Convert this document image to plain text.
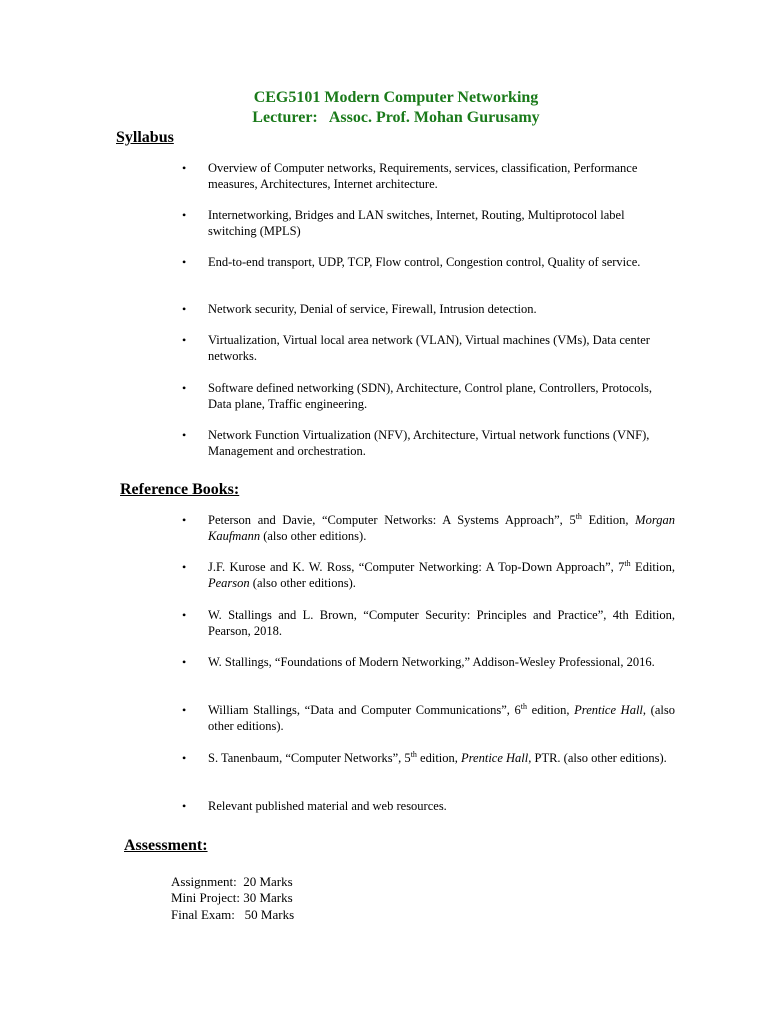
CEG5101 Modern Computer Networking
Lecturer:   Assoc. Prof. Mohan Gurusamy
Syllabus
• Overview of Computer networks, Requirements, services, classification, Performance measures, Architectures, Internet architecture.
• Internetworking, Bridges and LAN switches, Internet, Routing, Multiprotocol label switching (MPLS)
• End-to-end transport, UDP, TCP, Flow control, Congestion control, Quality of service.
• Network security, Denial of service, Firewall, Intrusion detection.
• Virtualization, Virtual local area network (VLAN), Virtual machines (VMs), Data center networks.
• Software defined networking (SDN), Architecture, Control plane, Controllers, Protocols, Data plane, Traffic engineering.
• Network Function Virtualization (NFV), Architecture, Virtual network functions (VNF), Management and orchestration.
Reference Books:
• Peterson and Davie, “Computer Networks: A Systems Approach”, 5th Edition, Morgan Kaufmann (also other editions).
• J.F. Kurose and K. W. Ross, “Computer Networking: A Top-Down Approach”, 7th Edition, Pearson (also other editions).
• W. Stallings and L. Brown, “Computer Security: Principles and Practice”, 4th Edition, Pearson, 2018.
• W. Stallings, “Foundations of Modern Networking,” Addison-Wesley Professional, 2016.
• William Stallings, “Data and Computer Communications”, 6th edition, Prentice Hall, (also other editions).
• S. Tanenbaum, “Computer Networks”, 5th edition, Prentice Hall, PTR. (also other editions).
• Relevant published material and web resources.
Assessment:
Assignment:  20 Marks
Mini Project: 30 Marks
Final Exam:   50 Marks
